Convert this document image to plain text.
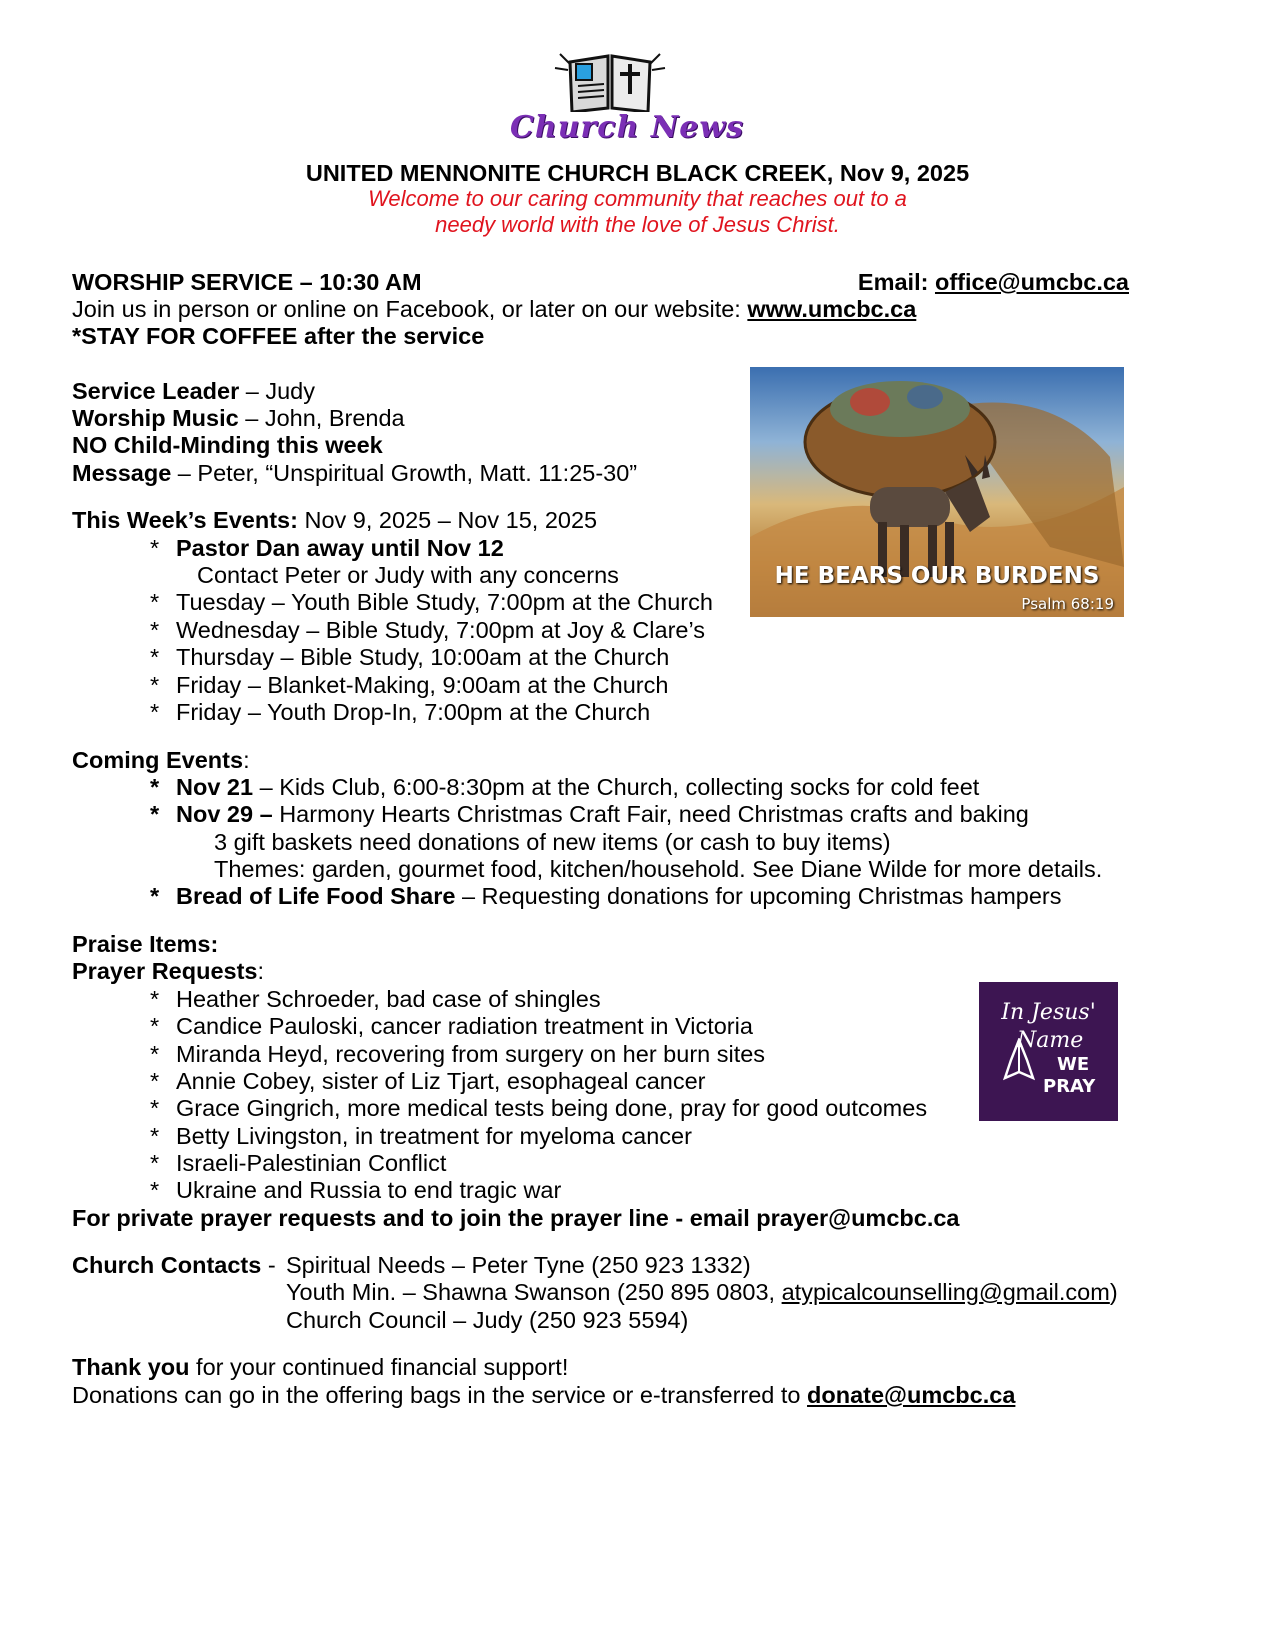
Church News
UNITED MENNONITE CHURCH BLACK CREEK, Nov 9, 2025
Welcome to our caring community that reaches out to a
needy world with the love of Jesus Christ.
WORSHIP SERVICE – 10:30 AM	Email: office@umcbc.ca
Join us in person or online on Facebook, or later on our website: www.umcbc.ca
*STAY FOR COFFEE after the service
Service Leader – Judy
Worship Music – John, Brenda
NO Child-Minding this week
Message – Peter, “Unspiritual Growth, Matt. 11:25-30”
HE BEARS OUR BURDENS
Psalm 68:19
This Week’s Events: Nov 9, 2025 – Nov 15, 2025
* Pastor Dan away until Nov 12
Contact Peter or Judy with any concerns
* Tuesday – Youth Bible Study, 7:00pm at the Church
* Wednesday – Bible Study, 7:00pm at Joy & Clare’s
* Thursday – Bible Study, 10:00am at the Church
* Friday – Blanket-Making, 9:00am at the Church
* Friday – Youth Drop-In, 7:00pm at the Church
Coming Events:
* Nov 21 – Kids Club, 6:00-8:30pm at the Church, collecting socks for cold feet
* Nov 29 – Harmony Hearts Christmas Craft Fair, need Christmas crafts and baking
3 gift baskets need donations of new items (or cash to buy items)
Themes: garden, gourmet food, kitchen/household. See Diane Wilde for more details.
* Bread of Life Food Share – Requesting donations for upcoming Christmas hampers
Praise Items:
Prayer Requests:
* Heather Schroeder, bad case of shingles
* Candice Pauloski, cancer radiation treatment in Victoria
* Miranda Heyd, recovering from surgery on her burn sites
* Annie Cobey, sister of Liz Tjart, esophageal cancer
* Grace Gingrich, more medical tests being done, pray for good outcomes
* Betty Livingston, in treatment for myeloma cancer
* Israeli-Palestinian Conflict
* Ukraine and Russia to end tragic war
For private prayer requests and to join the prayer line - email prayer@umcbc.ca
In Jesus'
Name
WE
PRAY
Church Contacts - Spiritual Needs – Peter Tyne (250 923 1332)
Youth Min. – Shawna Swanson (250 895 0803, atypicalcounselling@gmail.com)
Church Council – Judy (250 923 5594)
Thank you for your continued financial support!
Donations can go in the offering bags in the service or e-transferred to donate@umcbc.ca
